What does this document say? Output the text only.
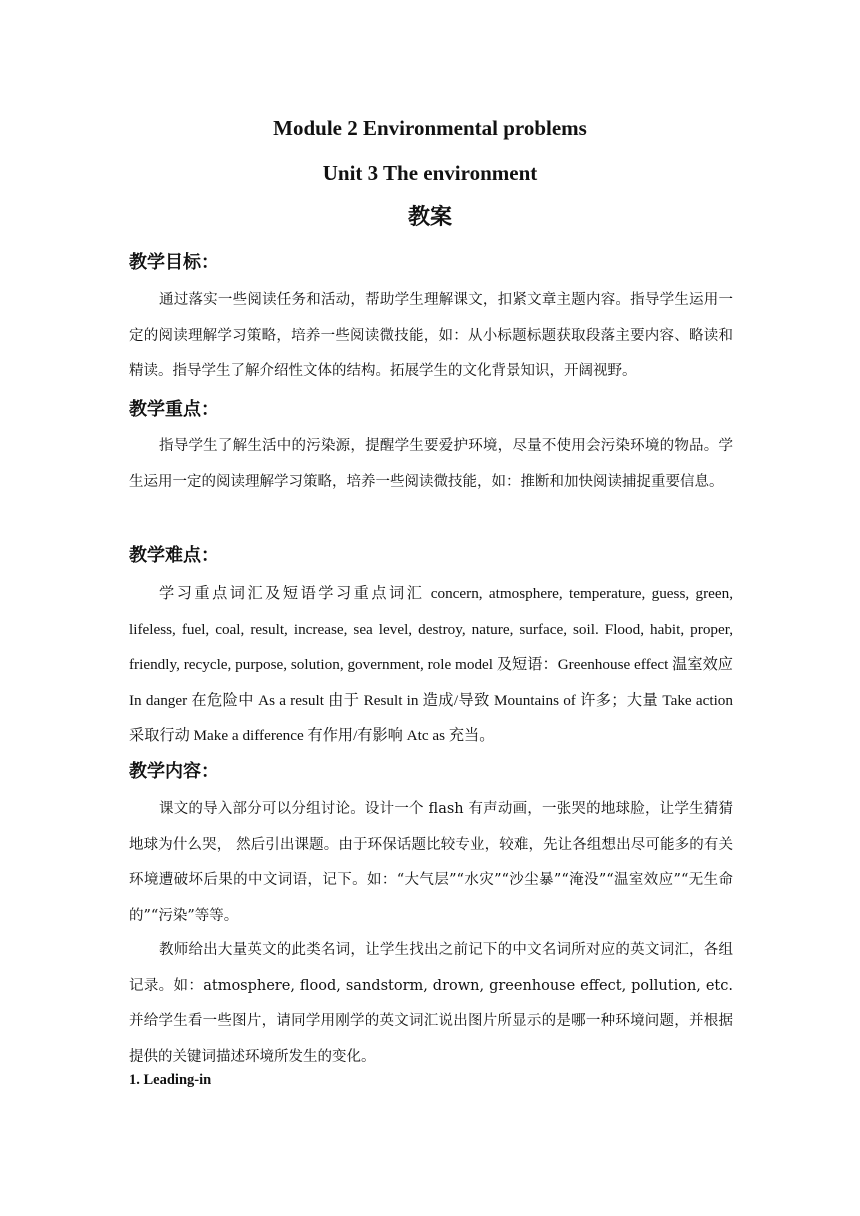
Module 2 Environmental problems
Unit 3 The environment
教案
教学目标：

通过落实一些阅读任务和活动，帮助学生理解课文，扣紧文章主题内容。指导学生运用一定的阅读理解学习策略，培养一些阅读微技能，如：从小标题标题获取段落主要内容、略读和精读。指导学生了解介绍性文体的结构。拓展学生的文化背景知识，开阔视野。

教学重点：

指导学生了解生活中的污染源，提醒学生要爱护环境，尽量不使用会污染环境的物品。学生运用一定的阅读理解学习策略，培养一些阅读微技能，如：推断和加快阅读捕捉重要信息。

教学难点：

学习重点词汇及短语学习重点词汇 concern, atmosphere, temperature, guess, green, lifeless, fuel, coal, result, increase, sea level, destroy, nature, surface, soil. Flood, habit, proper, friendly, recycle, purpose, solution, government, role model 及短语：Greenhouse effect 温室效应 In danger 在危险中 As a result 由于 Result in 造成/导致 Mountains of 许多；大量 Take action 采取行动 Make a difference 有作用/有影响 Atc as 充当。

教学内容：

课文的导入部分可以分组讨论。设计一个 flash 有声动画，一张哭的地球脸，让学生猜猜地球为什么哭， 然后引出课题。由于环保话题比较专业，较难，先让各组想出尽可能多的有关环境遭破坏后果的中文词语，记下。如：“大气层”“水灾”“沙尘暴”“淹没”“温室效应”“无生命的”“污染”等等。

教师给出大量英文的此类名词，让学生找出之前记下的中文名词所对应的英文词汇，各组记录。如：atmosphere, flood, sandstorm, drown, greenhouse effect, pollution, etc.并给学生看一些图片，请同学用刚学的英文词汇说出图片所显示的是哪一种环境问题，并根据提供的关键词描述环境所发生的变化。

1. Leading-in
